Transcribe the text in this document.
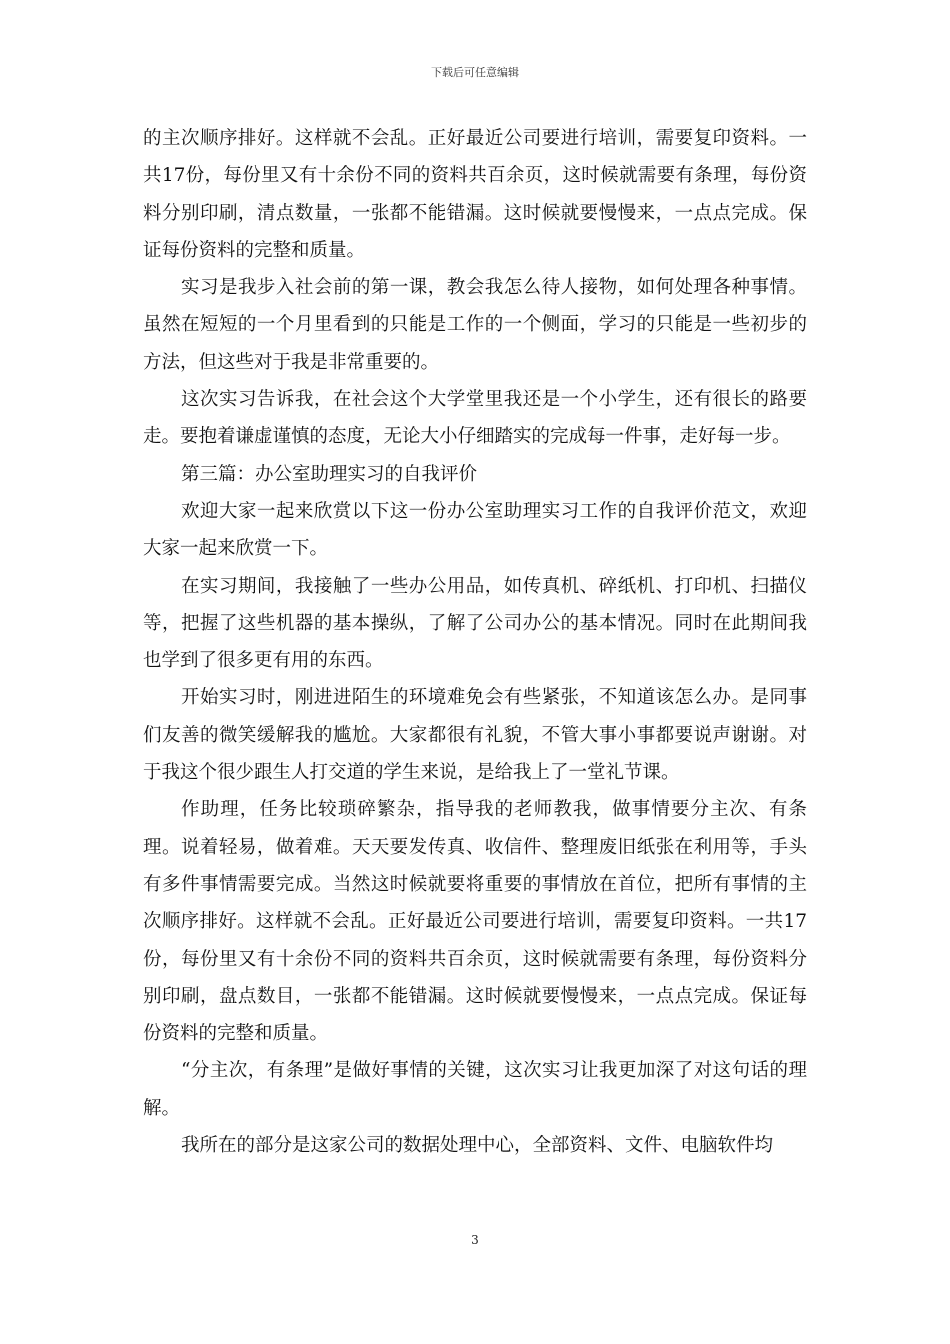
下载后可任意编辑

的主次顺序排好。这样就不会乱。正好最近公司要进行培训，需要复印资料。一共17份，每份里又有十余份不同的资料共百余页，这时候就需要有条理，每份资料分别印刷，清点数量，一张都不能错漏。这时候就要慢慢来，一点点完成。保证每份资料的完整和质量。

实习是我步入社会前的第一课，教会我怎么待人接物，如何处理各种事情。虽然在短短的一个月里看到的只能是工作的一个侧面，学习的只能是一些初步的方法，但这些对于我是非常重要的。

这次实习告诉我，在社会这个大学堂里我还是一个小学生，还有很长的路要走。要抱着谦虚谨慎的态度，无论大小仔细踏实的完成每一件事，走好每一步。

第三篇：办公室助理实习的自我评价

欢迎大家一起来欣赏以下这一份办公室助理实习工作的自我评价范文，欢迎大家一起来欣赏一下。

在实习期间，我接触了一些办公用品，如传真机、碎纸机、打印机、扫描仪等，把握了这些机器的基本操纵，了解了公司办公的基本情况。同时在此期间我也学到了很多更有用的东西。

开始实习时，刚进进陌生的环境难免会有些紧张，不知道该怎么办。是同事们友善的微笑缓解我的尴尬。大家都很有礼貌，不管大事小事都要说声谢谢。对于我这个很少跟生人打交道的学生来说，是给我上了一堂礼节课。

作助理，任务比较琐碎繁杂，指导我的老师教我，做事情要分主次、有条理。说着轻易，做着难。天天要发传真、收信件、整理废旧纸张在利用等，手头有多件事情需要完成。当然这时候就要将重要的事情放在首位，把所有事情的主次顺序排好。这样就不会乱。正好最近公司要进行培训，需要复印资料。一共17份，每份里又有十余份不同的资料共百余页，这时候就需要有条理，每份资料分别印刷，盘点数目，一张都不能错漏。这时候就要慢慢来，一点点完成。保证每份资料的完整和质量。

“分主次，有条理”是做好事情的关键，这次实习让我更加深了对这句话的理解。

我所在的部分是这家公司的数据处理中心，全部资料、文件、电脑软件均

3
